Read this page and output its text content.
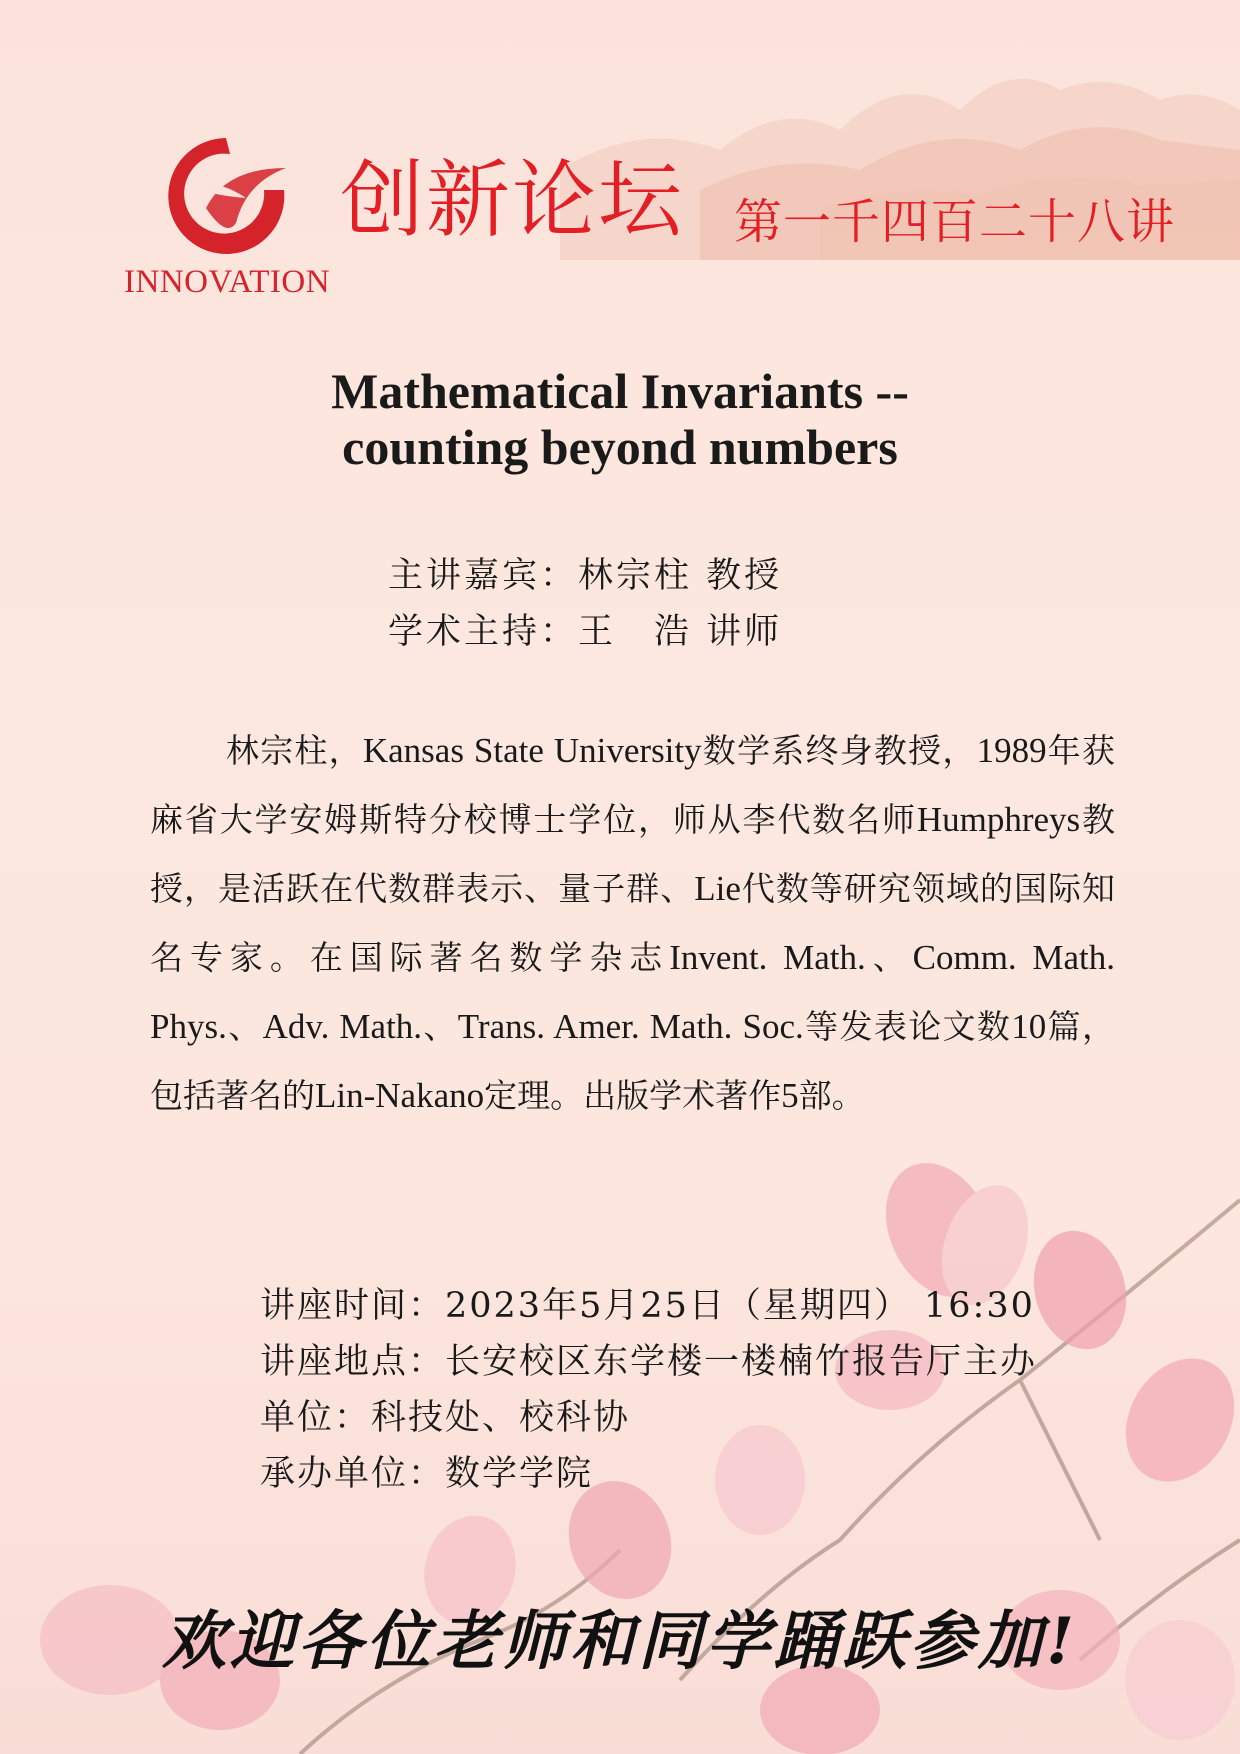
INNOVATION
创新论坛 第一千四百二十八讲
Mathematical Invariants --
counting beyond numbers
主讲嘉宾：林宗柱 教授
学术主持：王　浩 讲师
林宗柱，Kansas State University数学系终身教授，1989年获麻省大学安姆斯特分校博士学位，师从李代数名师Humphreys教授，是活跃在代数群表示、量子群、Lie代数等研究领域的国际知名专家。在国际著名数学杂志Invent. Math.、Comm. Math. Phys.、Adv. Math.、Trans. Amer. Math. Soc.等发表论文数10篇，包括著名的Lin-Nakano定理。出版学术著作5部。
讲座时间：2023年5月25日（星期四） 16:30
讲座地点：长安校区东学楼一楼楠竹报告厅主办
单位：科技处、校科协
承办单位：数学学院
欢迎各位老师和同学踊跃参加!
